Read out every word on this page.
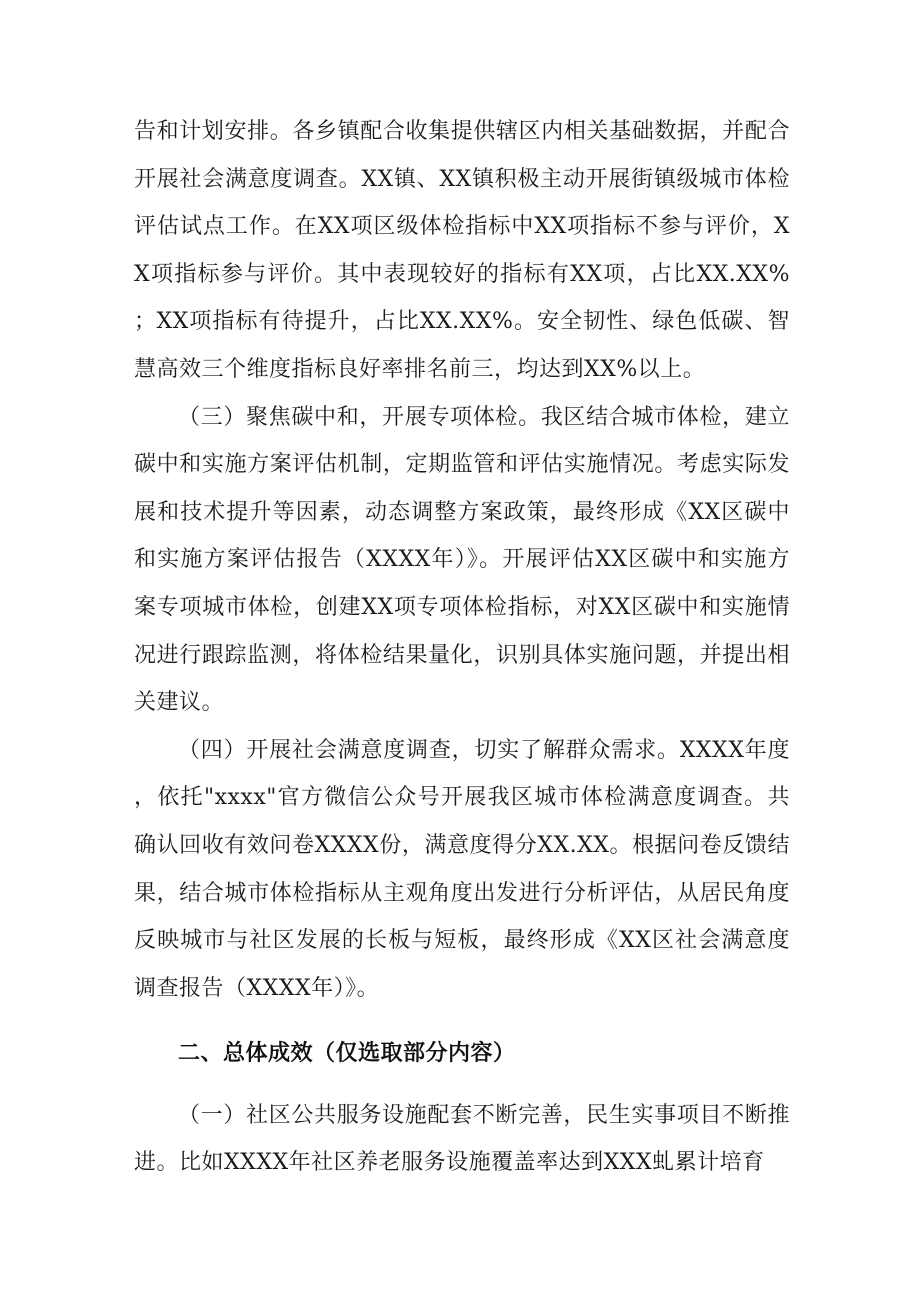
告和计划安排。各乡镇配合收集提供辖区内相关基础数据，并配合开展社会满意度调查。XX镇、XX镇积极主动开展街镇级城市体检评估试点工作。在XX项区级体检指标中XX项指标不参与评价，XX项指标参与评价。其中表现较好的指标有XX项，占比XX.XX%；XX项指标有待提升，占比XX.XX%。安全韧性、绿色低碳、智慧高效三个维度指标良好率排名前三，均达到XX%以上。

（三）聚焦碳中和，开展专项体检。我区结合城市体检，建立碳中和实施方案评估机制，定期监管和评估实施情况。考虑实际发展和技术提升等因素，动态调整方案政策，最终形成《XX区碳中和实施方案评估报告（XXXX年）》。开展评估XX区碳中和实施方案专项城市体检，创建XX项专项体检指标，对XX区碳中和实施情况进行跟踪监测，将体检结果量化，识别具体实施问题，并提出相关建议。

（四）开展社会满意度调查，切实了解群众需求。XXXX年度，依托"xxxx"官方微信公众号开展我区城市体检满意度调查。共确认回收有效问卷XXXX份，满意度得分XX.XX。根据问卷反馈结果，结合城市体检指标从主观角度出发进行分析评估，从居民角度反映城市与社区发展的长板与短板，最终形成《XX区社会满意度调查报告（XXXX年）》。

二、总体成效（仅选取部分内容）

（一）社区公共服务设施配套不断完善，民生实事项目不断推进。比如XXXX年社区养老服务设施覆盖率达到XXX虬累计培育
